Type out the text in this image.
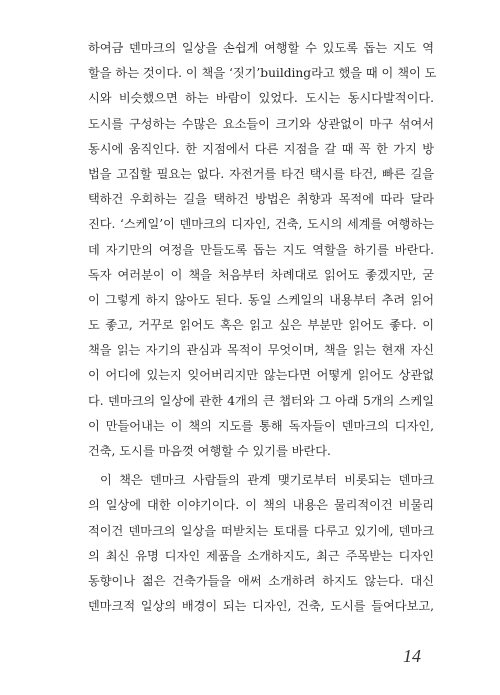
하여금 덴마크의 일상을 손쉽게 여행할 수 있도록 돕는 지도 역
할을 하는 것이다. 이 책을 ‘짓기’building라고 했을 때 이 책이 도
시와 비슷했으면 하는 바람이 있었다. 도시는 동시다발적이다.
도시를 구성하는 수많은 요소들이 크기와 상관없이 마구 섞여서
동시에 움직인다. 한 지점에서 다른 지점을 갈 때 꼭 한 가지 방
법을 고집할 필요는 없다. 자전거를 타건 택시를 타건, 빠른 길을
택하건 우회하는 길을 택하건 방법은 취향과 목적에 따라 달라
진다. ‘스케일’이 덴마크의 디자인, 건축, 도시의 세계를 여행하는
데 자기만의 여정을 만들도록 돕는 지도 역할을 하기를 바란다.
독자 여러분이 이 책을 처음부터 차례대로 읽어도 좋겠지만, 굳
이 그렇게 하지 않아도 된다. 동일 스케일의 내용부터 추려 읽어
도 좋고, 거꾸로 읽어도 혹은 읽고 싶은 부분만 읽어도 좋다. 이
책을 읽는 자기의 관심과 목적이 무엇이며, 책을 읽는 현재 자신
이 어디에 있는지 잊어버리지만 않는다면 어떻게 읽어도 상관없
다. 덴마크의 일상에 관한 4개의 큰 챕터와 그 아래 5개의 스케일
이 만들어내는 이 책의 지도를 통해 독자들이 덴마크의 디자인,
건축, 도시를 마음껏 여행할 수 있기를 바란다.
이 책은 덴마크 사람들의 관계 맺기로부터 비롯되는 덴마크
의 일상에 대한 이야기이다. 이 책의 내용은 물리적이건 비물리
적이건 덴마크의 일상을 떠받치는 토대를 다루고 있기에, 덴마크
의 최신 유명 디자인 제품을 소개하지도, 최근 주목받는 디자인
동향이나 젊은 건축가들을 애써 소개하려 하지도 않는다. 대신
덴마크적 일상의 배경이 되는 디자인, 건축, 도시를 들여다보고,
14
